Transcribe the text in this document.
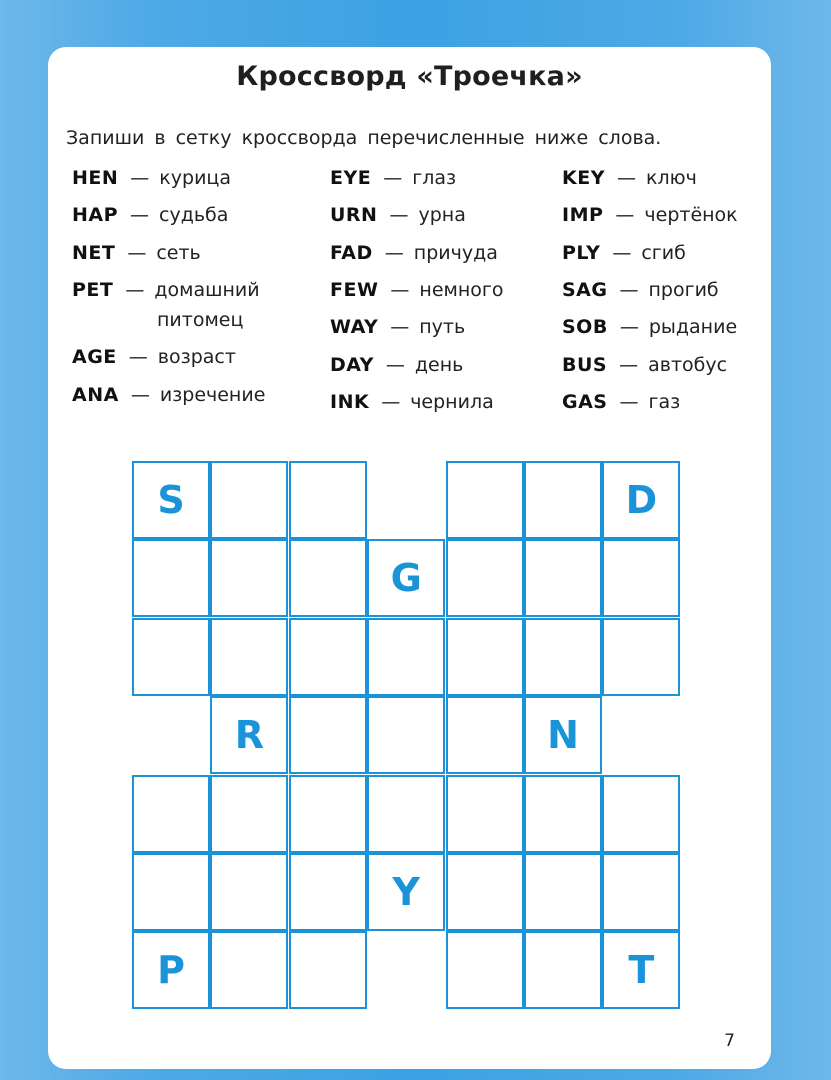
Кроссворд «Троечка»

Запиши в сетку кроссворда перечисленные ниже слова.

HEN — курица
HAP — судьба
NET — сеть
PET — домашний
питомец
AGE — возраст
ANA — изречение
EYE — глаз
URN — урна
FAD — причуда
FEW — немного
WAY — путь
DAY — день
INK — чернила
KEY — ключ
IMP — чертёнок
PLY — сгиб
SAG — прогиб
SOB — рыдание
BUS — автобус
GAS — газ
S	D
G
R	N
Y
P	T

7
